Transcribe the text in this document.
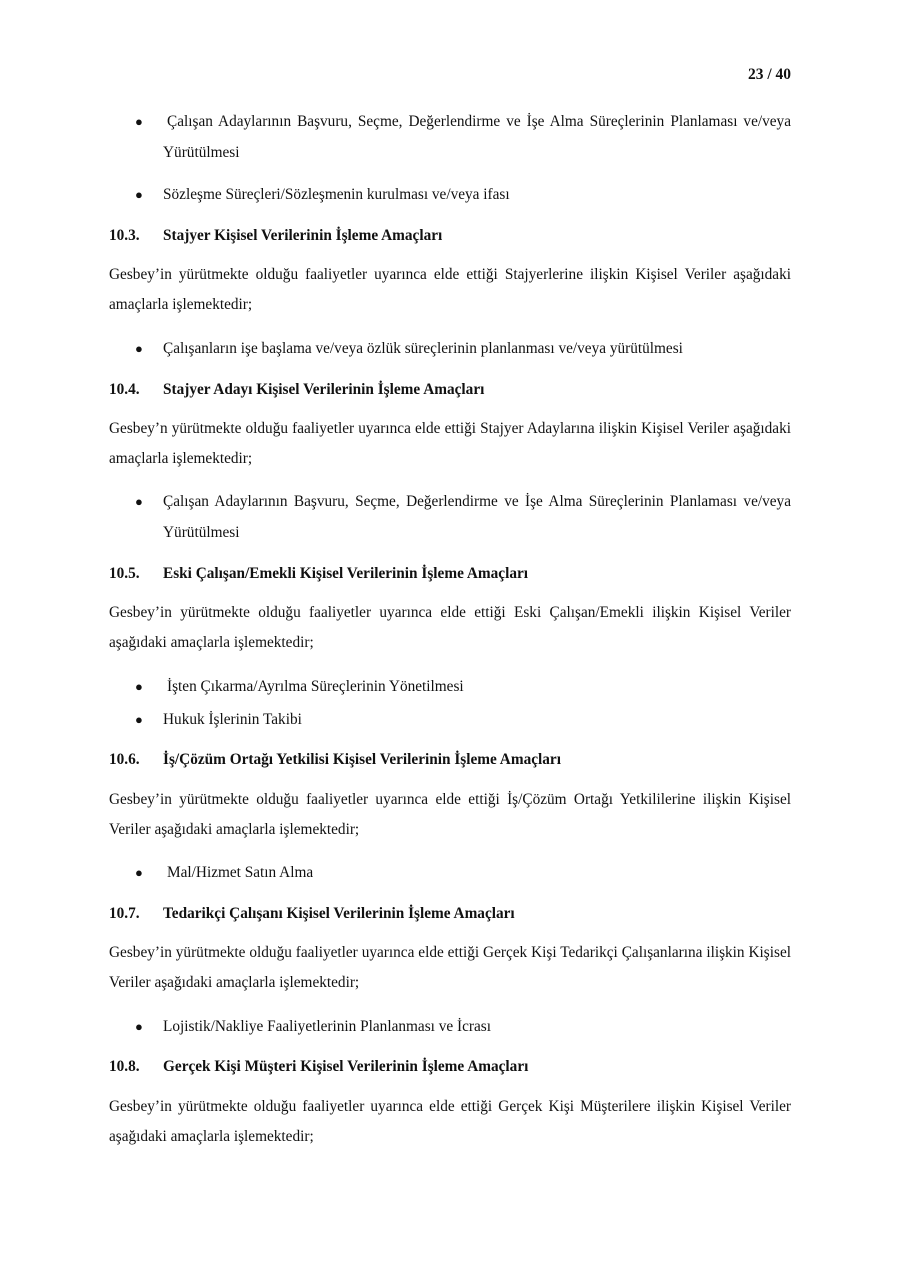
23 / 40
● Çalışan Adaylarının Başvuru, Seçme, Değerlendirme ve İşe Alma Süreçlerinin Planlaması ve/veya Yürütülmesi
● Sözleşme Süreçleri/Sözleşmenin kurulması ve/veya ifası
10.3. Stajyer Kişisel Verilerinin İşleme Amaçları
Gesbey’in yürütmekte olduğu faaliyetler uyarınca elde ettiği Stajyerlerine ilişkin Kişisel Veriler aşağıdaki amaçlarla işlemektedir;
● Çalışanların işe başlama ve/veya özlük süreçlerinin planlanması ve/veya yürütülmesi
10.4. Stajyer Adayı Kişisel Verilerinin İşleme Amaçları
Gesbey’n yürütmekte olduğu faaliyetler uyarınca elde ettiği Stajyer Adaylarına ilişkin Kişisel Veriler aşağıdaki amaçlarla işlemektedir;
● Çalışan Adaylarının Başvuru, Seçme, Değerlendirme ve İşe Alma Süreçlerinin Planlaması ve/veya Yürütülmesi
10.5. Eski Çalışan/Emekli Kişisel Verilerinin İşleme Amaçları
Gesbey’in yürütmekte olduğu faaliyetler uyarınca elde ettiği Eski Çalışan/Emekli ilişkin Kişisel Veriler aşağıdaki amaçlarla işlemektedir;
● İşten Çıkarma/Ayrılma Süreçlerinin Yönetilmesi
● Hukuk İşlerinin Takibi
10.6. İş/Çözüm Ortağı Yetkilisi Kişisel Verilerinin İşleme Amaçları
Gesbey’in yürütmekte olduğu faaliyetler uyarınca elde ettiği İş/Çözüm Ortağı Yetkililerine ilişkin Kişisel Veriler aşağıdaki amaçlarla işlemektedir;
● Mal/Hizmet Satın Alma
10.7. Tedarikçi Çalışanı Kişisel Verilerinin İşleme Amaçları
Gesbey’in yürütmekte olduğu faaliyetler uyarınca elde ettiği Gerçek Kişi Tedarikçi Çalışanlarına ilişkin Kişisel Veriler aşağıdaki amaçlarla işlemektedir;
● Lojistik/Nakliye Faaliyetlerinin Planlanması ve İcrası
10.8. Gerçek Kişi Müşteri Kişisel Verilerinin İşleme Amaçları
Gesbey’in yürütmekte olduğu faaliyetler uyarınca elde ettiği Gerçek Kişi Müşterilere ilişkin Kişisel Veriler aşağıdaki amaçlarla işlemektedir;
